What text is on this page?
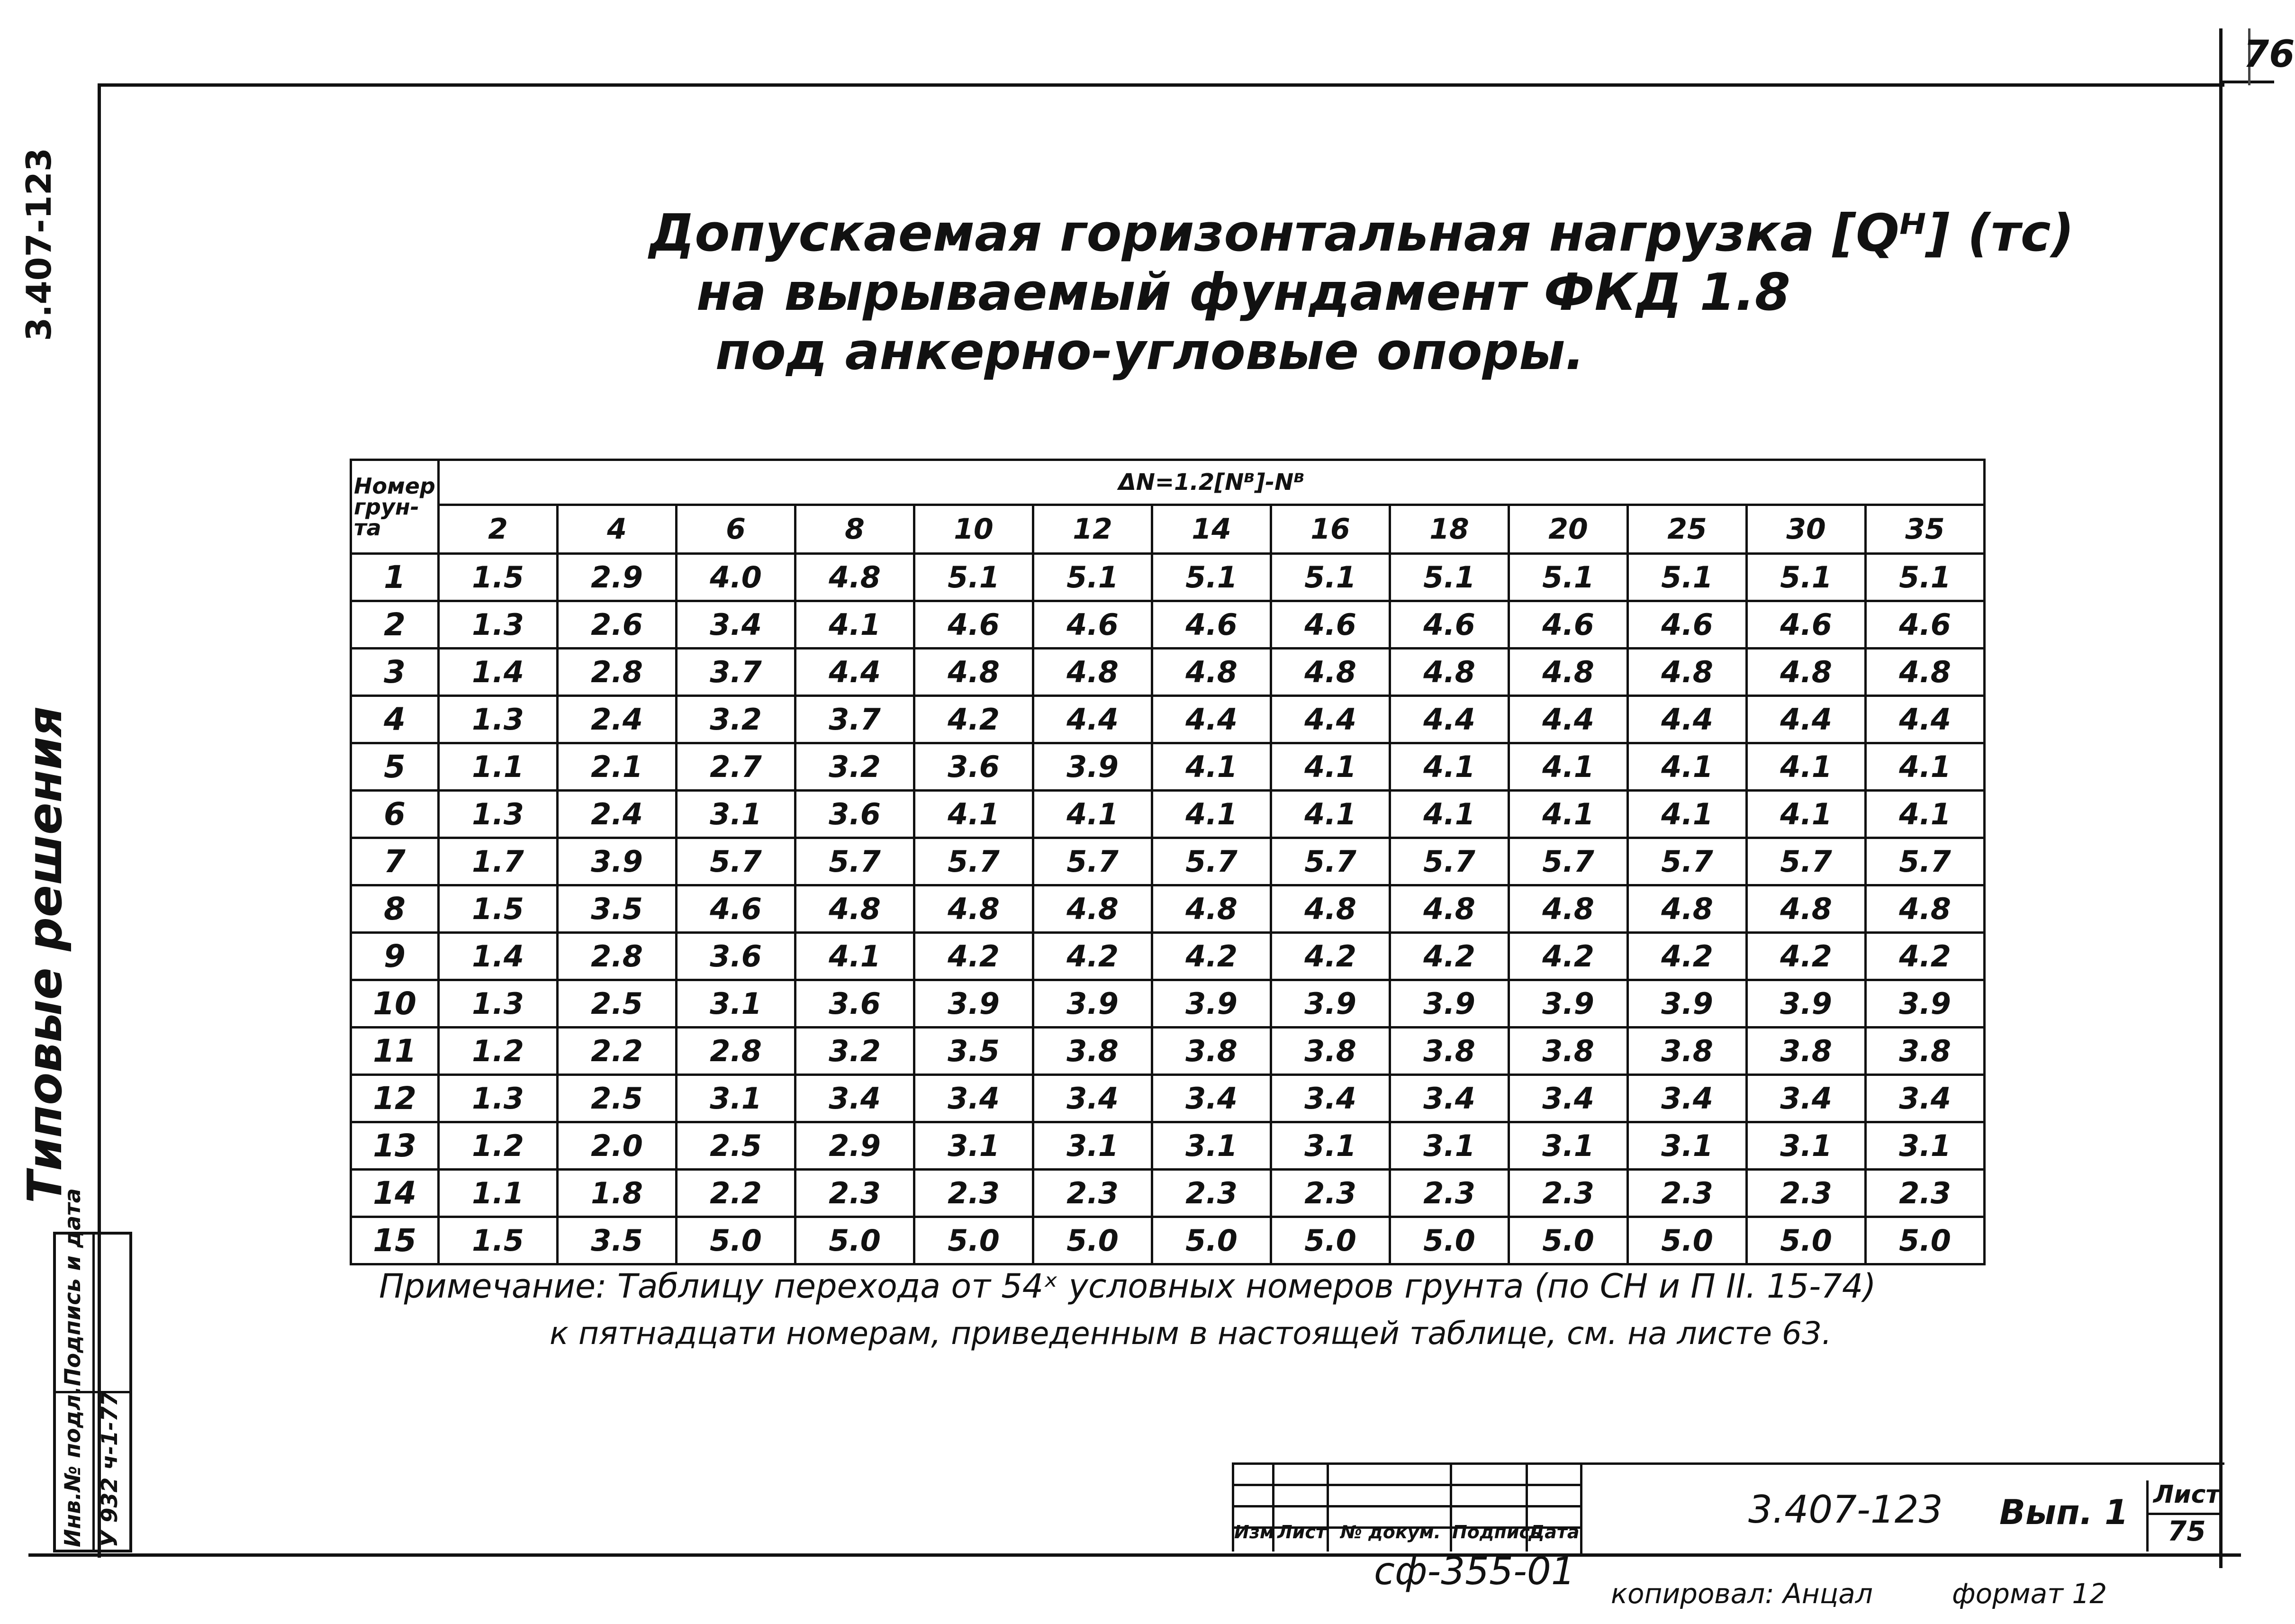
76
3.407-123
Типовые решения
Подпись и дата
Инв.№ подл. У 932 ч-1-77
Допускаемая горизонтальная нагрузка [Qᴴ] (тс)
на вырываемый фундамент ФКД 1.8
под анкерно-угловые опоры.
Номер грун-та	ΔN=1.2[Nᴮ]-Nᴮ												
	2	4	6	8	10	12	14	16	18	20	25	30	35
1	1.5	2.9	4.0	4.8	5.1	5.1	5.1	5.1	5.1	5.1	5.1	5.1	5.1
2	1.3	2.6	3.4	4.1	4.6	4.6	4.6	4.6	4.6	4.6	4.6	4.6	4.6
3	1.4	2.8	3.7	4.4	4.8	4.8	4.8	4.8	4.8	4.8	4.8	4.8	4.8
4	1.3	2.4	3.2	3.7	4.2	4.4	4.4	4.4	4.4	4.4	4.4	4.4	4.4
5	1.1	2.1	2.7	3.2	3.6	3.9	4.1	4.1	4.1	4.1	4.1	4.1	4.1
6	1.3	2.4	3.1	3.6	4.1	4.1	4.1	4.1	4.1	4.1	4.1	4.1	4.1
7	1.7	3.9	5.7	5.7	5.7	5.7	5.7	5.7	5.7	5.7	5.7	5.7	5.7
8	1.5	3.5	4.6	4.8	4.8	4.8	4.8	4.8	4.8	4.8	4.8	4.8	4.8
9	1.4	2.8	3.6	4.1	4.2	4.2	4.2	4.2	4.2	4.2	4.2	4.2	4.2
10	1.3	2.5	3.1	3.6	3.9	3.9	3.9	3.9	3.9	3.9	3.9	3.9	3.9
11	1.2	2.2	2.8	3.2	3.5	3.8	3.8	3.8	3.8	3.8	3.8	3.8	3.8
12	1.3	2.5	3.1	3.4	3.4	3.4	3.4	3.4	3.4	3.4	3.4	3.4	3.4
13	1.2	2.0	2.5	2.9	3.1	3.1	3.1	3.1	3.1	3.1	3.1	3.1	3.1
14	1.1	1.8	2.2	2.3	2.3	2.3	2.3	2.3	2.3	2.3	2.3	2.3	2.3
15	1.5	3.5	5.0	5.0	5.0	5.0	5.0	5.0	5.0	5.0	5.0	5.0	5.0
Примечание: Таблицу перехода от 54ˣ условных номеров грунта (по СН и П II. 15-74)
к пятнадцати номерам, приведенным в настоящей таблице, см. на листе 63.
Изм Лист № докум. ПодписьДата
3.407-123 Вып. 1 Лист
75
сф-355-01
копировал: Анцал	формат 12
